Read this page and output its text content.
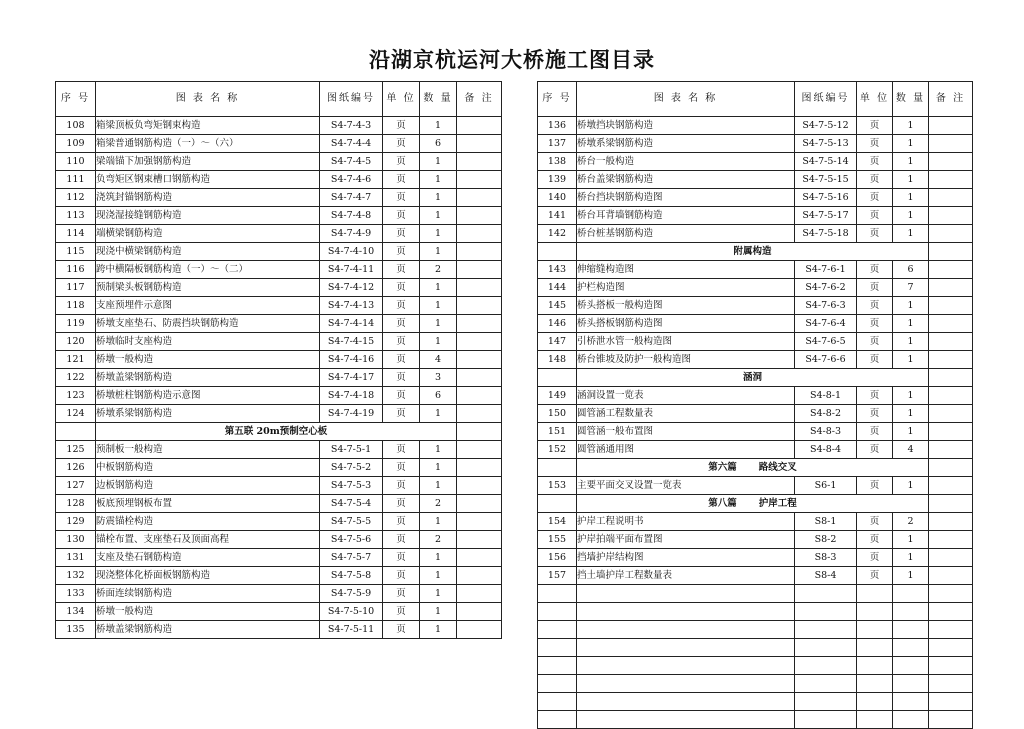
沿湖京杭运河大桥施工图目录
序 号	图 表 名 称	图纸编号	单 位	数 量	备 注
108	箱梁顶板负弯矩钢束构造	S4-7-4-3	页	1	
109	箱梁普通钢筋构造（一）～（六）	S4-7-4-4	页	6	
110	梁端锚下加强钢筋构造	S4-7-4-5	页	1	
111	负弯矩区钢束槽口钢筋构造	S4-7-4-6	页	1	
112	浇筑封锚钢筋构造	S4-7-4-7	页	1	
113	现浇湿接缝钢筋构造	S4-7-4-8	页	1	
114	端横梁钢筋构造	S4-7-4-9	页	1	
115	现浇中横梁钢筋构造	S4-7-4-10	页	1	
116	跨中横隔板钢筋构造（一）～（二）	S4-7-4-11	页	2	
117	预制梁头板钢筋构造	S4-7-4-12	页	1	
118	支座预埋件示意图	S4-7-4-13	页	1	
119	桥墩支座垫石、防震挡块钢筋构造	S4-7-4-14	页	1	
120	桥墩临时支座构造	S4-7-4-15	页	1	
121	桥墩一般构造	S4-7-4-16	页	4	
122	桥墩盖梁钢筋构造	S4-7-4-17	页	3	
123	桥墩桩柱钢筋构造示意图	S4-7-4-18	页	6	
124	桥墩系梁钢筋构造	S4-7-4-19	页	1	
	第五联 20m预制空心板				
125	预制板一般构造	S4-7-5-1	页	1	
126	中板钢筋构造	S4-7-5-2	页	1	
127	边板钢筋构造	S4-7-5-3	页	1	
128	板底预埋钢板布置	S4-7-5-4	页	2	
129	防震锚栓构造	S4-7-5-5	页	1	
130	锚栓布置、支座垫石及顶面高程	S4-7-5-6	页	2	
131	支座及垫石钢筋构造	S4-7-5-7	页	1	
132	现浇整体化桥面板钢筋构造	S4-7-5-8	页	1	
133	桥面连续钢筋构造	S4-7-5-9	页	1	
134	桥墩一般构造	S4-7-5-10	页	1	
135	桥墩盖梁钢筋构造	S4-7-5-11	页	1	
序 号	图 表 名 称	图纸编号	单 位	数 量	备 注
136	桥墩挡块钢筋构造	S4-7-5-12	页	1	
137	桥墩系梁钢筋构造	S4-7-5-13	页	1	
138	桥台一般构造	S4-7-5-14	页	1	
139	桥台盖梁钢筋构造	S4-7-5-15	页	1	
140	桥台挡块钢筋构造图	S4-7-5-16	页	1	
141	桥台耳背墙钢筋构造	S4-7-5-17	页	1	
142	桥台桩基钢筋构造	S4-7-5-18	页	1	
	附属构造				
143	伸缩缝构造图	S4-7-6-1	页	6	
144	护栏构造图	S4-7-6-2	页	7	
145	桥头搭板一般构造图	S4-7-6-3	页	1	
146	桥头搭板钢筋构造图	S4-7-6-4	页	1	
147	引桥泄水管一般构造图	S4-7-6-5	页	1	
148	桥台锥坡及防护一般构造图	S4-7-6-6	页	1	
	涵洞				
149	涵洞设置一览表	S4-8-1	页	1	
150	圆管涵工程数量表	S4-8-2	页	1	
151	圆管涵一般布置图	S4-8-3	页	1	
152	圆管涵通用图	S4-8-4	页	4	
	第六篇 路线交叉				
153	主要平面交叉设置一览表	S6-1	页	1	
	第八篇 护岸工程				
154	护岸工程说明书	S8-1	页	2	
155	护岸拍端平面布置图	S8-2	页	1	
156	挡墙护岸结构图	S8-3	页	1	
157	挡土墙护岸工程数量表	S8-4	页	1	
